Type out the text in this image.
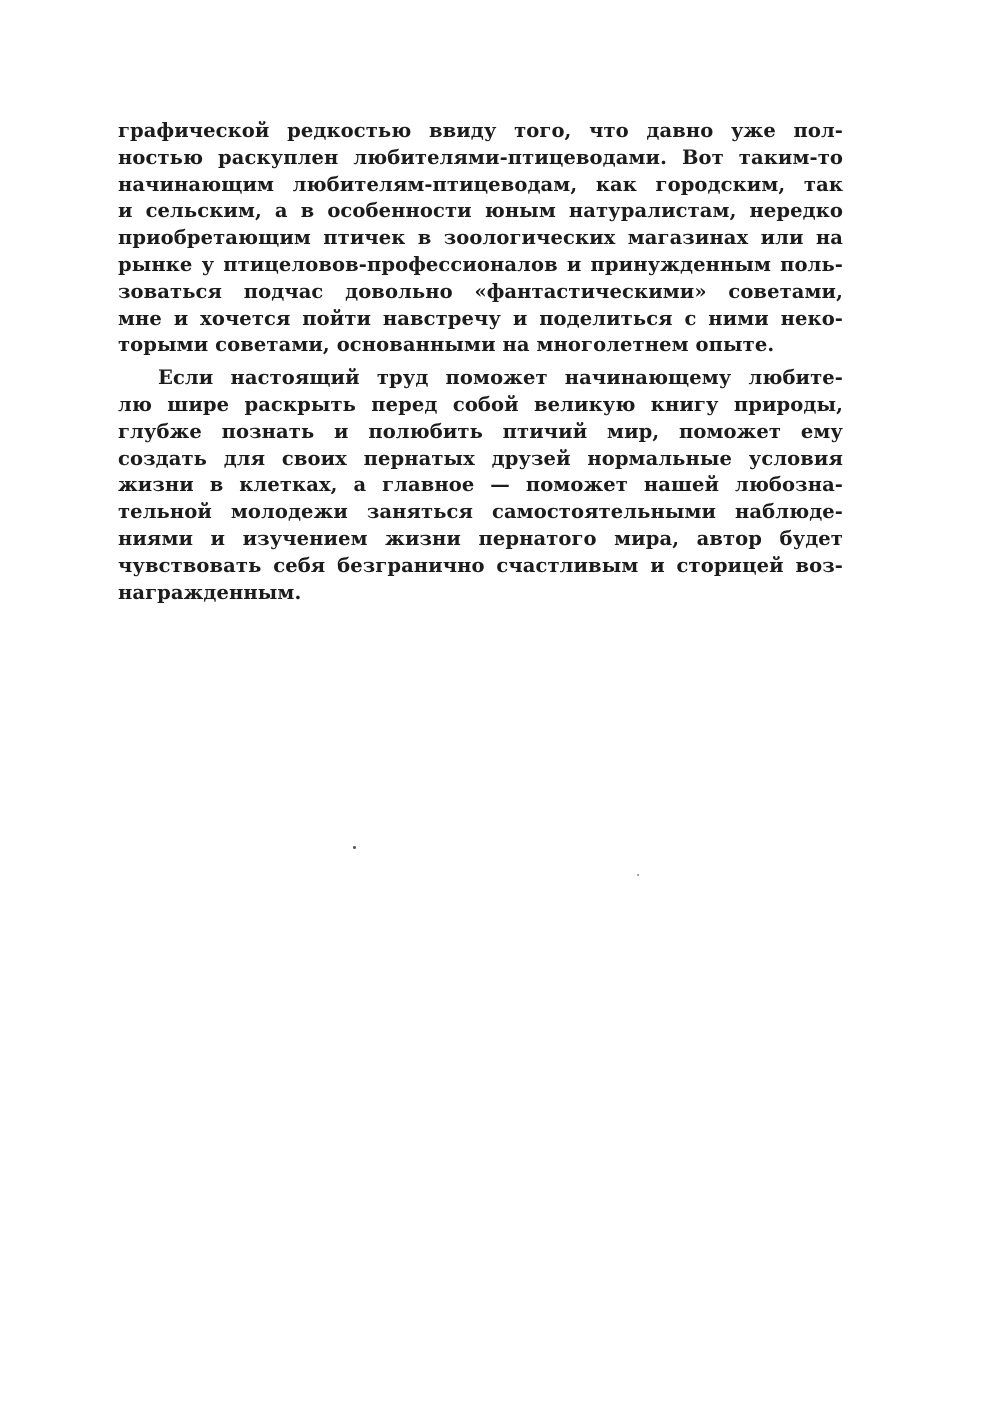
графической редкостью ввиду того, что давно уже пол-
ностью раскуплен любителями-птицеводами. Вот таким-то
начинающим любителям-птицеводам, как городским, так
и сельским, а в особенности юным натуралистам, нередко
приобретающим птичек в зоологических магазинах или на
рынке у птицеловов-профессионалов и принужденным поль-
зоваться подчас довольно «фантастическими» советами,
мне и хочется пойти навстречу и поделиться с ними неко-
торыми советами, основанными на многолетнем опыте.
Если настоящий труд поможет начинающему любите-
лю шире раскрыть перед собой великую книгу природы,
глубже познать и полюбить птичий мир, поможет ему
создать для своих пернатых друзей нормальные условия
жизни в клетках, а главное — поможет нашей любозна-
тельной молодежи заняться самостоятельными наблюде-
ниями и изучением жизни пернатого мира, автор будет
чувствовать себя безгранично счастливым и сторицей воз-
награжденным.
